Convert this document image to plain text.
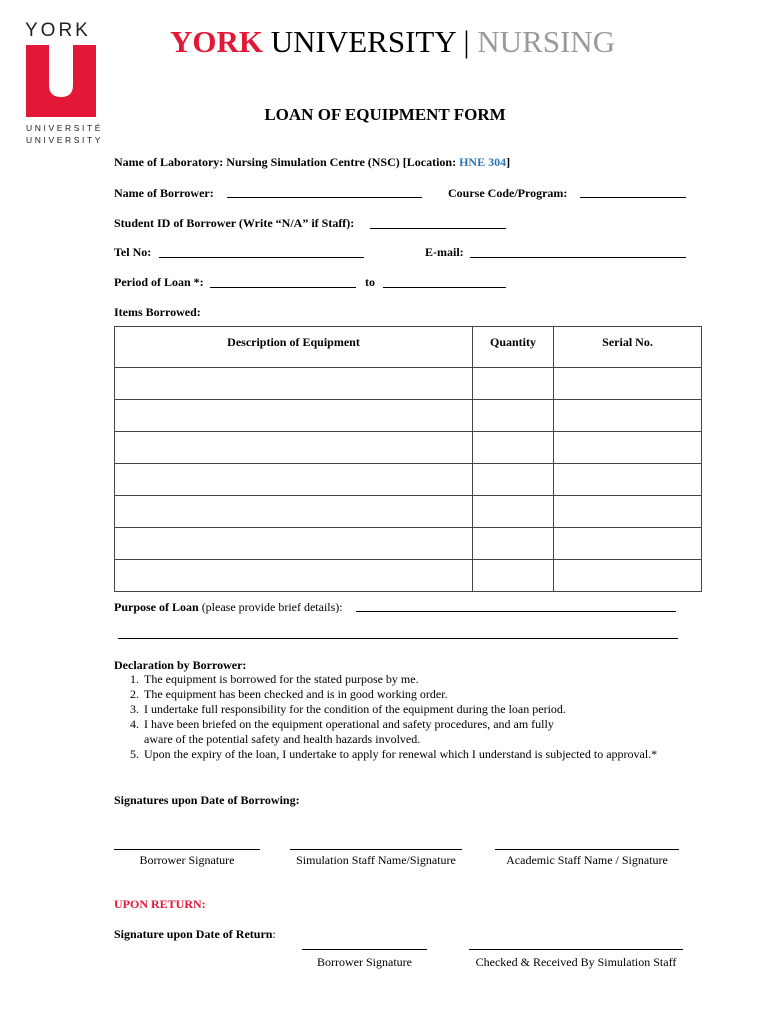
YORK
UNIVERSITÉ
UNIVERSITY
YORK UNIVERSITY | NURSING
LOAN OF EQUIPMENT FORM
Name of Laboratory: Nursing Simulation Centre (NSC) [Location: HNE 304]
Name of Borrower:	Course Code/Program:
Student ID of Borrower (Write “N/A” if Staff):
Tel No:	E-mail:
Period of Loan *:	to
Items Borrowed:
Description of Equipment	Quantity	Serial No.

Purpose of Loan (please provide brief details):
Declaration by Borrower:
1. The equipment is borrowed for the stated purpose by me.
2. The equipment has been checked and is in good working order.
3. I undertake full responsibility for the condition of the equipment during the loan period.
4. I have been briefed on the equipment operational and safety procedures, and am fully aware of the potential safety and health hazards involved.
5. Upon the expiry of the loan, I undertake to apply for renewal which I understand is subjected to approval.*
Signatures upon Date of Borrowing:
Borrower Signature	Simulation Staff Name/Signature	Academic Staff Name / Signature
UPON RETURN:
Signature upon Date of Return:
Borrower Signature	Checked & Received By Simulation Staff
